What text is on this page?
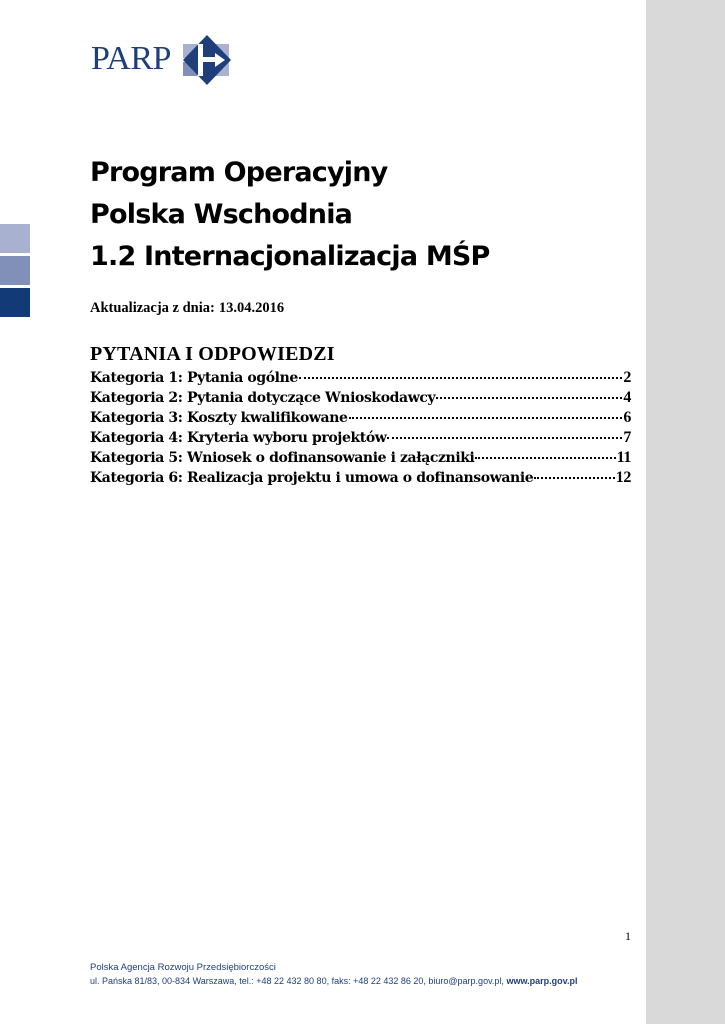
PARP
Program Operacyjny
Polska Wschodnia
1.2 Internacjonalizacja MŚP
Aktualizacja z dnia: 13.04.2016
PYTANIA I ODPOWIEDZI
Kategoria 1: Pytania ogólne	2
Kategoria 2: Pytania dotyczące Wnioskodawcy	4
Kategoria 3: Koszty kwalifikowane	6
Kategoria 4: Kryteria wyboru projektów	7
Kategoria 5: Wniosek o dofinansowanie i załączniki	11
Kategoria 6: Realizacja projektu i umowa o dofinansowanie	12
1
Polska Agencja Rozwoju Przedsiębiorczości
ul. Pańska 81/83, 00-834 Warszawa, tel.: +48 22 432 80 80, faks: +48 22 432 86 20, biuro@parp.gov.pl, www.parp.gov.pl
